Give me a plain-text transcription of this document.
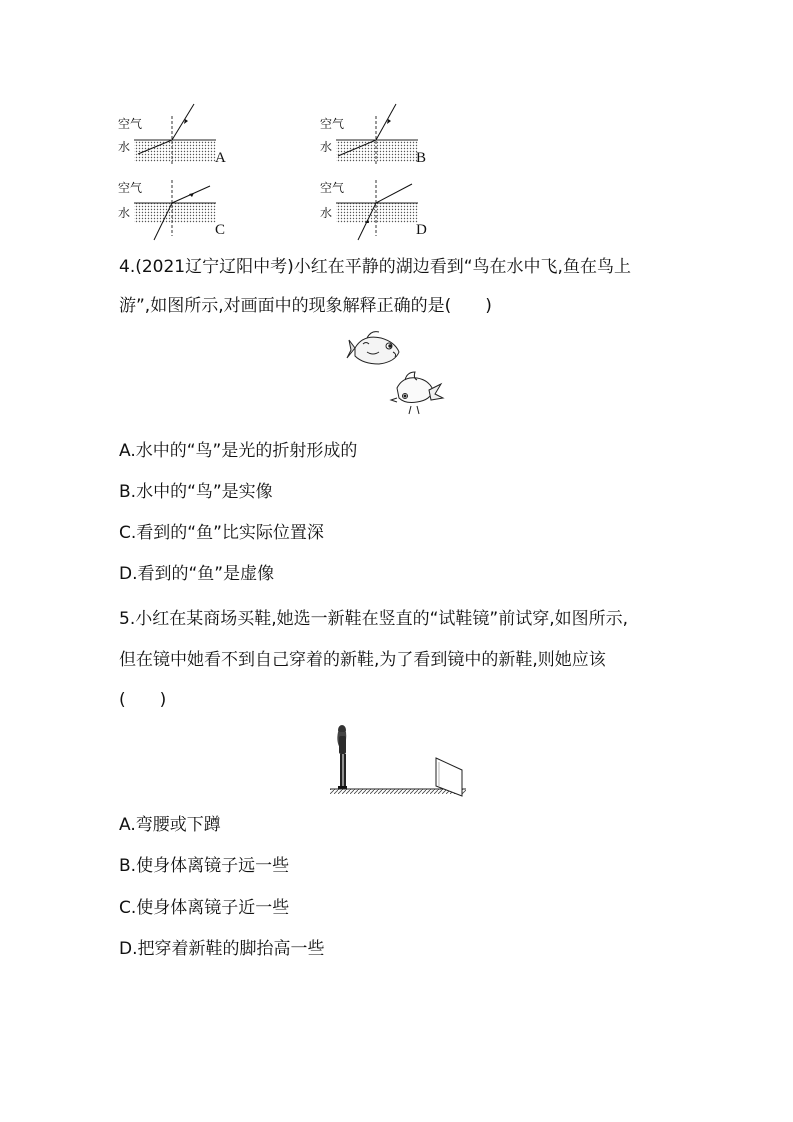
空气
水
A
空气
水
B
空气
水
C
空气
水
D
4.(2021辽宁辽阳中考)小红在平静的湖边看到“鸟在水中飞,鱼在鸟上
游”,如图所示,对画面中的现象解释正确的是(　　)
A.水中的“鸟”是光的折射形成的
B.水中的“鸟”是实像
C.看到的“鱼”比实际位置深
D.看到的“鱼”是虚像
5.小红在某商场买鞋,她选一新鞋在竖直的“试鞋镜”前试穿,如图所示,
但在镜中她看不到自己穿着的新鞋,为了看到镜中的新鞋,则她应该
(　　)
A.弯腰或下蹲
B.使身体离镜子远一些
C.使身体离镜子近一些
D.把穿着新鞋的脚抬高一些
